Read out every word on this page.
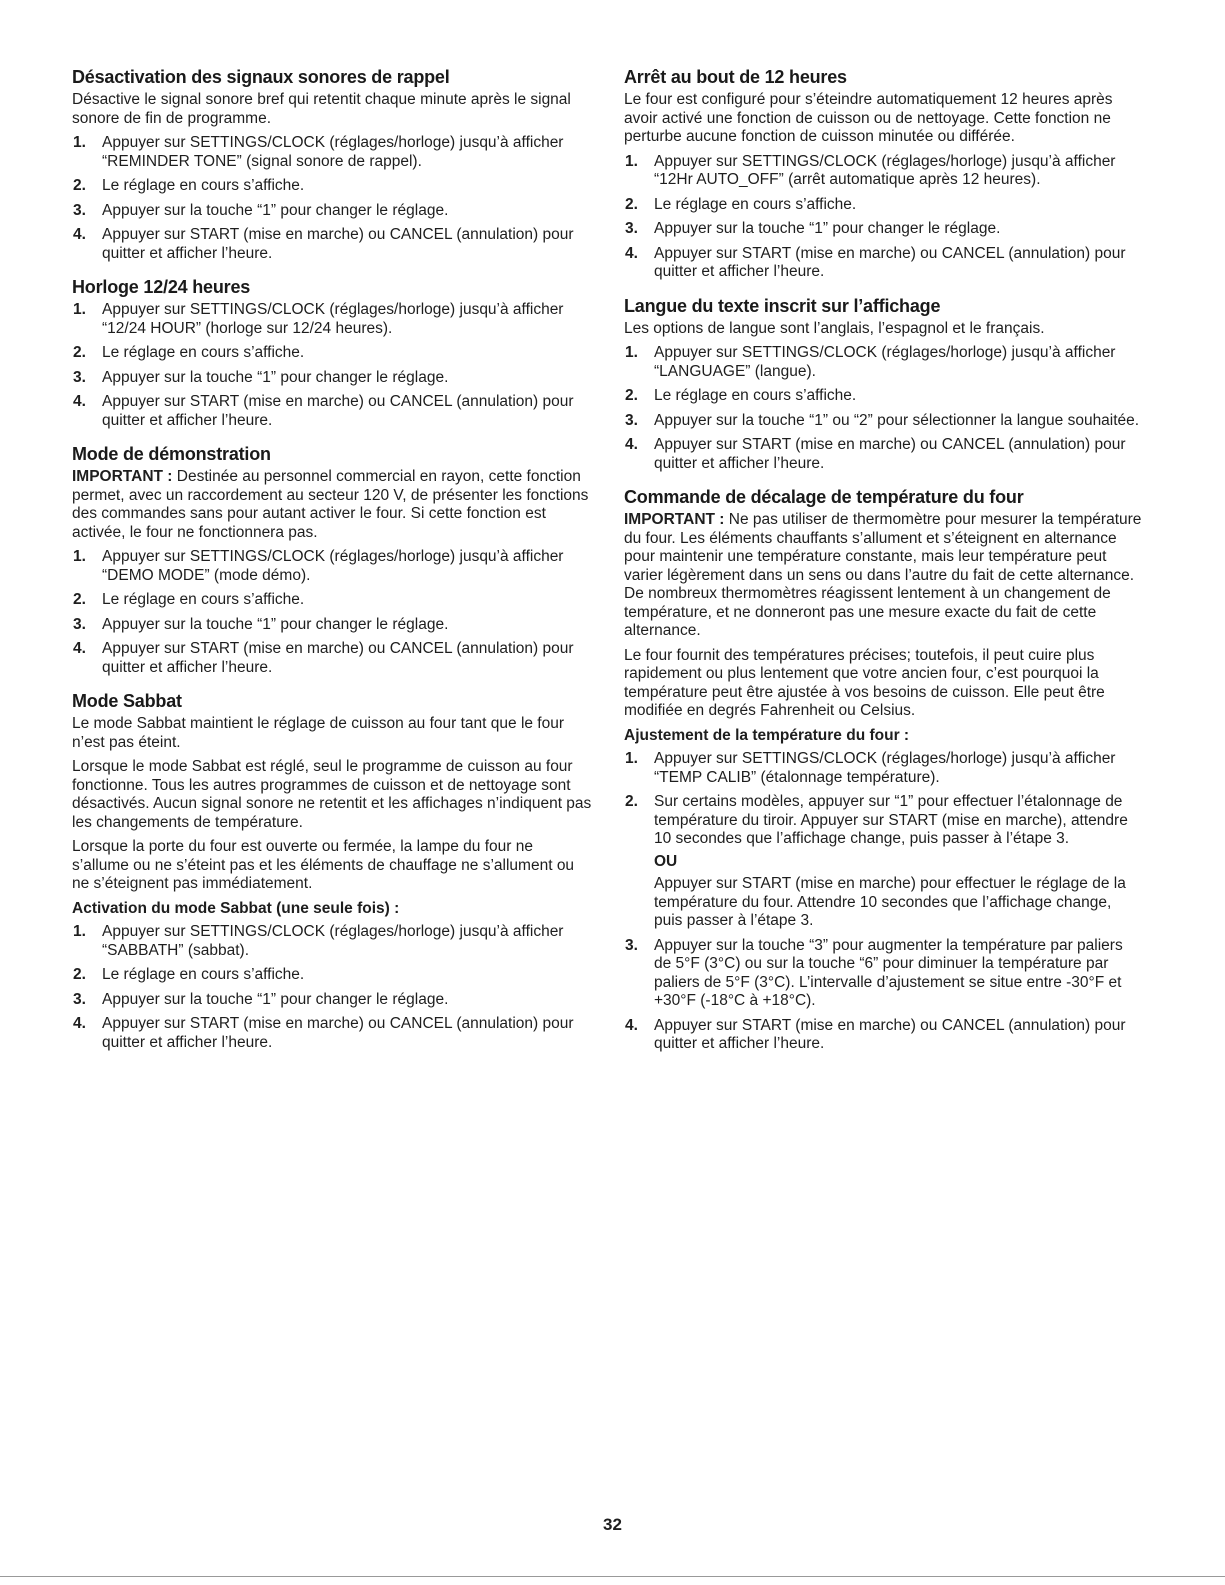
Désactivation des signaux sonores de rappel

Désactive le signal sonore bref qui retentit chaque minute après le signal sonore de fin de programme.

1. Appuyer sur SETTINGS/CLOCK (réglages/horloge) jusqu’à afficher “REMINDER TONE” (signal sonore de rappel).
2. Le réglage en cours s’affiche.
3. Appuyer sur la touche “1” pour changer le réglage.
4. Appuyer sur START (mise en marche) ou CANCEL (annulation) pour quitter et afficher l’heure.
Horloge 12/24 heures
1. Appuyer sur SETTINGS/CLOCK (réglages/horloge) jusqu’à afficher “12/24 HOUR” (horloge sur 12/24 heures).
2. Le réglage en cours s’affiche.
3. Appuyer sur la touche “1” pour changer le réglage.
4. Appuyer sur START (mise en marche) ou CANCEL (annulation) pour quitter et afficher l’heure.
Mode de démonstration

IMPORTANT : Destinée au personnel commercial en rayon, cette fonction permet, avec un raccordement au secteur 120 V, de présenter les fonctions des commandes sans pour autant activer le four. Si cette fonction est activée, le four ne fonctionnera pas.

1. Appuyer sur SETTINGS/CLOCK (réglages/horloge) jusqu’à afficher “DEMO MODE” (mode démo).
2. Le réglage en cours s’affiche.
3. Appuyer sur la touche “1” pour changer le réglage.
4. Appuyer sur START (mise en marche) ou CANCEL (annulation) pour quitter et afficher l’heure.
Mode Sabbat

Le mode Sabbat maintient le réglage de cuisson au four tant que le four n’est pas éteint.

Lorsque le mode Sabbat est réglé, seul le programme de cuisson au four fonctionne. Tous les autres programmes de cuisson et de nettoyage sont désactivés. Aucun signal sonore ne retentit et les affichages n’indiquent pas les changements de température.

Lorsque la porte du four est ouverte ou fermée, la lampe du four ne s’allume ou ne s’éteint pas et les éléments de chauffage ne s’allument ou ne s’éteignent pas immédiatement.

Activation du mode Sabbat (une seule fois) :
1. Appuyer sur SETTINGS/CLOCK (réglages/horloge) jusqu’à afficher “SABBATH” (sabbat).
2. Le réglage en cours s’affiche.
3. Appuyer sur la touche “1” pour changer le réglage.
4. Appuyer sur START (mise en marche) ou CANCEL (annulation) pour quitter et afficher l’heure.
Arrêt au bout de 12 heures

Le four est configuré pour s’éteindre automatiquement 12 heures après avoir activé une fonction de cuisson ou de nettoyage. Cette fonction ne perturbe aucune fonction de cuisson minutée ou différée.

1. Appuyer sur SETTINGS/CLOCK (réglages/horloge) jusqu’à afficher “12Hr AUTO_OFF” (arrêt automatique après 12 heures).
2. Le réglage en cours s’affiche.
3. Appuyer sur la touche “1” pour changer le réglage.
4. Appuyer sur START (mise en marche) ou CANCEL (annulation) pour quitter et afficher l’heure.
Langue du texte inscrit sur l’affichage

Les options de langue sont l’anglais, l’espagnol et le français.

1. Appuyer sur SETTINGS/CLOCK (réglages/horloge) jusqu’à afficher “LANGUAGE” (langue).
2. Le réglage en cours s’affiche.
3. Appuyer sur la touche “1” ou “2” pour sélectionner la langue souhaitée.
4. Appuyer sur START (mise en marche) ou CANCEL (annulation) pour quitter et afficher l’heure.
Commande de décalage de température du four

IMPORTANT : Ne pas utiliser de thermomètre pour mesurer la température du four. Les éléments chauffants s’allument et s’éteignent en alternance pour maintenir une température constante, mais leur température peut varier légèrement dans un sens ou dans l’autre du fait de cette alternance. De nombreux thermomètres réagissent lentement à un changement de température, et ne donneront pas une mesure exacte du fait de cette alternance.

Le four fournit des températures précises; toutefois, il peut cuire plus rapidement ou plus lentement que votre ancien four, c’est pourquoi la température peut être ajustée à vos besoins de cuisson. Elle peut être modifiée en degrés Fahrenheit ou Celsius.

Ajustement de la température du four :
1. Appuyer sur SETTINGS/CLOCK (réglages/horloge) jusqu’à afficher “TEMP CALIB” (étalonnage température).
2. Sur certains modèles, appuyer sur “1” pour effectuer l’étalonnage de température du tiroir. Appuyer sur START (mise en marche), attendre 10 secondes que l’affichage change, puis passer à l’étape 3.
OU
Appuyer sur START (mise en marche) pour effectuer le réglage de la température du four. Attendre 10 secondes que l’affichage change, puis passer à l’étape 3.
3. Appuyer sur la touche “3” pour augmenter la température par paliers de 5°F (3°C) ou sur la touche “6” pour diminuer la température par paliers de 5°F (3°C). L’intervalle d’ajustement se situe entre -30°F et +30°F (-18°C à +18°C).
4. Appuyer sur START (mise en marche) ou CANCEL (annulation) pour quitter et afficher l’heure.
32
